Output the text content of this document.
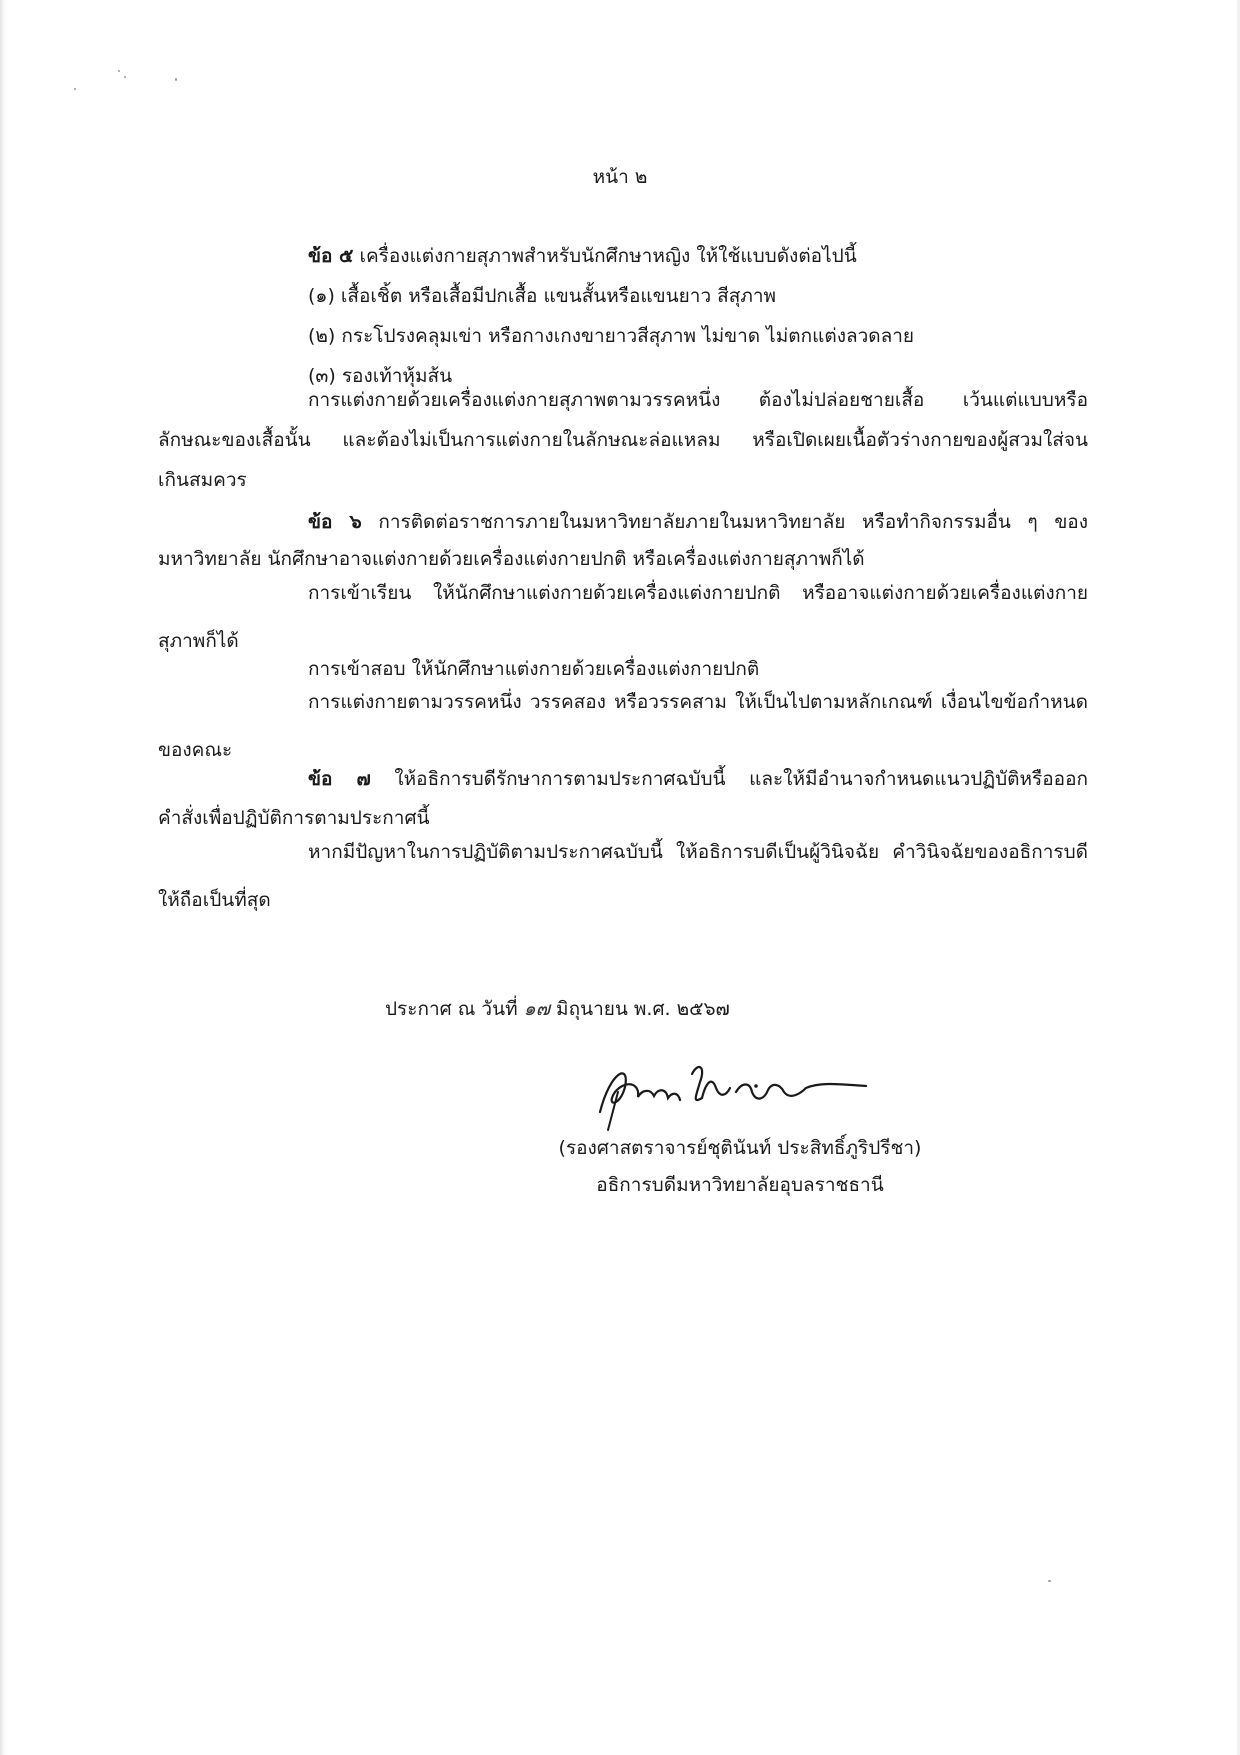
หน้า ๒
ข้อ ๕ เครื่องแต่งกายสุภาพสำหรับนักศึกษาหญิง ให้ใช้แบบดังต่อไปนี้
(๑) เสื้อเชิ้ต หรือเสื้อมีปกเสื้อ แขนสั้นหรือแขนยาว สีสุภาพ
(๒) กระโปรงคลุมเข่า หรือกางเกงขายาวสีสุภาพ ไม่ขาด ไม่ตกแต่งลวดลาย
(๓) รองเท้าหุ้มส้น
การแต่งกายด้วยเครื่องแต่งกายสุภาพตามวรรคหนึ่ง ต้องไม่ปล่อยชายเสื้อ เว้นแต่แบบหรือ
ลักษณะของเสื้อนั้น และต้องไม่เป็นการแต่งกายในลักษณะล่อแหลม หรือเปิดเผยเนื้อตัวร่างกายของผู้สวมใส่จน
เกินสมควร
ข้อ ๖ การติดต่อราชการภายในมหาวิทยาลัยภายในมหาวิทยาลัย หรือทำกิจกรรมอื่น ๆ ของ
มหาวิทยาลัย นักศึกษาอาจแต่งกายด้วยเครื่องแต่งกายปกติ หรือเครื่องแต่งกายสุภาพก็ได้
การเข้าเรียน ให้นักศึกษาแต่งกายด้วยเครื่องแต่งกายปกติ หรืออาจแต่งกายด้วยเครื่องแต่งกาย
สุภาพก็ได้
การเข้าสอบ ให้นักศึกษาแต่งกายด้วยเครื่องแต่งกายปกติ
การแต่งกายตามวรรคหนึ่ง วรรคสอง หรือวรรคสาม ให้เป็นไปตามหลักเกณฑ์ เงื่อนไขข้อกำหนด
ของคณะ
ข้อ ๗ ให้อธิการบดีรักษาการตามประกาศฉบับนี้ และให้มีอำนาจกำหนดแนวปฏิบัติหรือออก
คำสั่งเพื่อปฏิบัติการตามประกาศนี้
หากมีปัญหาในการปฏิบัติตามประกาศฉบับนี้ ให้อธิการบดีเป็นผู้วินิจฉัย คำวินิจฉัยของอธิการบดี
ให้ถือเป็นที่สุด
ประกาศ ณ วันที่ ๑๗ มิถุนายน พ.ศ. ๒๕๖๗
(รองศาสตราจารย์ชุตินันท์ ประสิทธิ์ภูริปรีชา)
อธิการบดีมหาวิทยาลัยอุบลราชธานี
